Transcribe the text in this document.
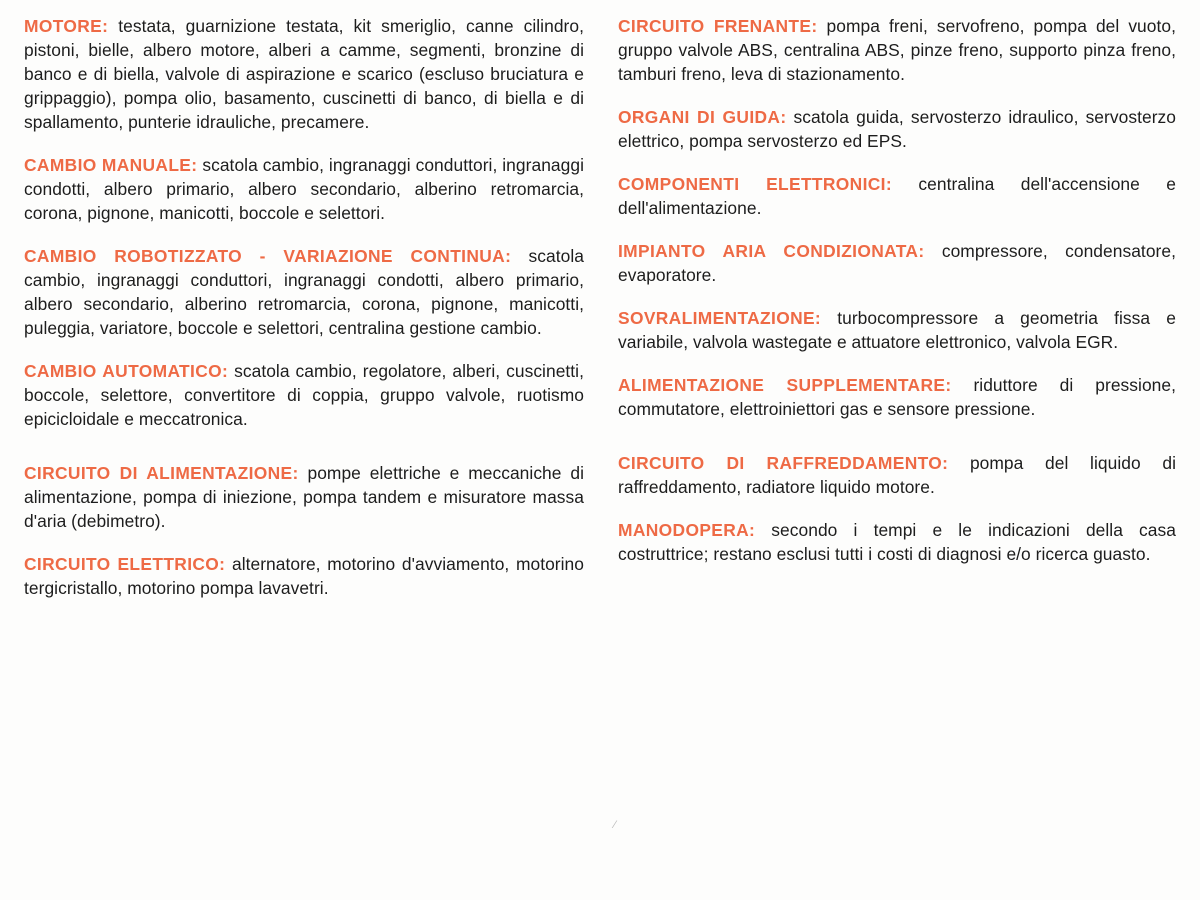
MOTORE: testata, guarnizione testata, kit smeriglio, canne cilindro, pistoni, bielle, albero motore, alberi a camme, segmenti, bronzine di banco e di biella, valvole di aspirazione e scarico (escluso bruciatura e grippaggio), pompa olio, basamento, cuscinetti di banco, di biella e di spallamento, punterie idrauliche, precamere.

CAMBIO MANUALE: scatola cambio, ingranaggi conduttori, ingranaggi condotti, albero primario, albero secondario, alberino retromarcia, corona, pignone, manicotti, boccole e selettori.

CAMBIO ROBOTIZZATO - VARIAZIONE CONTINUA: scatola cambio, ingranaggi conduttori, ingranaggi condotti, albero primario, albero secondario, alberino retromarcia, corona, pignone, manicotti, puleggia, variatore, boccole e selettori, centralina gestione cambio.

CAMBIO AUTOMATICO: scatola cambio, regolatore, alberi, cuscinetti, boccole, selettore, convertitore di coppia, gruppo valvole, ruotismo epicicloidale e meccatronica.

CIRCUITO DI ALIMENTAZIONE: pompe elettriche e meccaniche di alimentazione, pompa di iniezione, pompa tandem e misuratore massa d'aria (debimetro).

CIRCUITO ELETTRICO: alternatore, motorino d'avviamento, motorino tergicristallo, motorino pompa lavavetri.

CIRCUITO FRENANTE: pompa freni, servofreno, pompa del vuoto, gruppo valvole ABS, centralina ABS, pinze freno, supporto pinza freno, tamburi freno, leva di stazionamento.

ORGANI DI GUIDA: scatola guida, servosterzo idraulico, servosterzo elettrico, pompa servosterzo ed EPS.

COMPONENTI ELETTRONICI: centralina dell'accensione e dell'alimentazione.

IMPIANTO ARIA CONDIZIONATA: compressore, condensatore, evaporatore.

SOVRALIMENTAZIONE: turbocompressore a geometria fissa e variabile, valvola wastegate e attuatore elettronico, valvola EGR.

ALIMENTAZIONE SUPPLEMENTARE: riduttore di pressione, commutatore, elettroiniettori gas e sensore pressione.

CIRCUITO DI RAFFREDDAMENTO: pompa del liquido di raffreddamento, radiatore liquido motore.

MANODOPERA: secondo i tempi e le indicazioni della casa costruttrice; restano esclusi tutti i costi di diagnosi e/o ricerca guasto.

⁄
